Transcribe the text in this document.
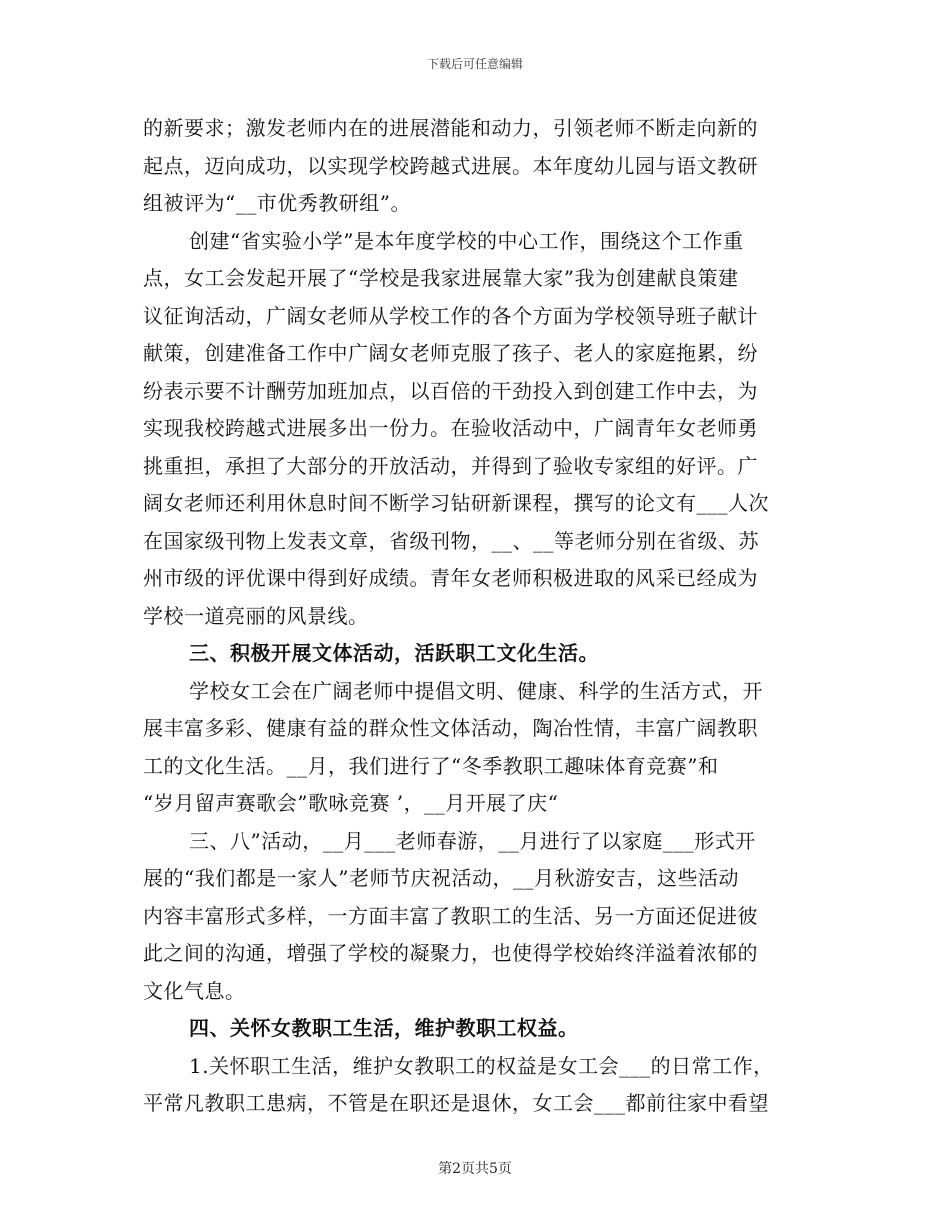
下载后可任意编辑
的新要求；激发老师内在的进展潜能和动力，引领老师不断走向新的
起点，迈向成功，以实现学校跨越式进展。本年度幼儿园与语文教研
组被评为“__市优秀教研组”。
创建“省实验小学”是本年度学校的中心工作，围绕这个工作重
点，女工会发起开展了“学校是我家进展靠大家”我为创建献良策建
议征询活动，广阔女老师从学校工作的各个方面为学校领导班子献计
献策，创建准备工作中广阔女老师克服了孩子、老人的家庭拖累，纷
纷表示要不计酬劳加班加点，以百倍的干劲投入到创建工作中去，为
实现我校跨越式进展多出一份力。在验收活动中，广阔青年女老师勇
挑重担，承担了大部分的开放活动，并得到了验收专家组的好评。广
阔女老师还利用休息时间不断学习钻研新课程，撰写的论文有___人次
在国家级刊物上发表文章，省级刊物，__、__等老师分别在省级、苏
州市级的评优课中得到好成绩。青年女老师积极进取的风采已经成为
学校一道亮丽的风景线。
三、积极开展文体活动，活跃职工文化生活。
学校女工会在广阔老师中提倡文明、健康、科学的生活方式，开
展丰富多彩、健康有益的群众性文体活动，陶冶性情，丰富广阔教职
工的文化生活。__月，我们进行了“冬季教职工趣味体育竞赛”和
“岁月留声赛歌会”歌咏竞赛 ’，__月开展了庆“
三、八”活动，__月___老师春游，__月进行了以家庭___形式开
展的“我们都是一家人”老师节庆祝活动，__月秋游安吉，这些活动
内容丰富形式多样，一方面丰富了教职工的生活、另一方面还促进彼
此之间的沟通，增强了学校的凝聚力，也使得学校始终洋溢着浓郁的
文化气息。
四、关怀女教职工生活，维护教职工权益。
1.关怀职工生活，维护女教职工的权益是女工会___的日常工作，
平常凡教职工患病，不管是在职还是退休，女工会___都前往家中看望
第2页共5页
